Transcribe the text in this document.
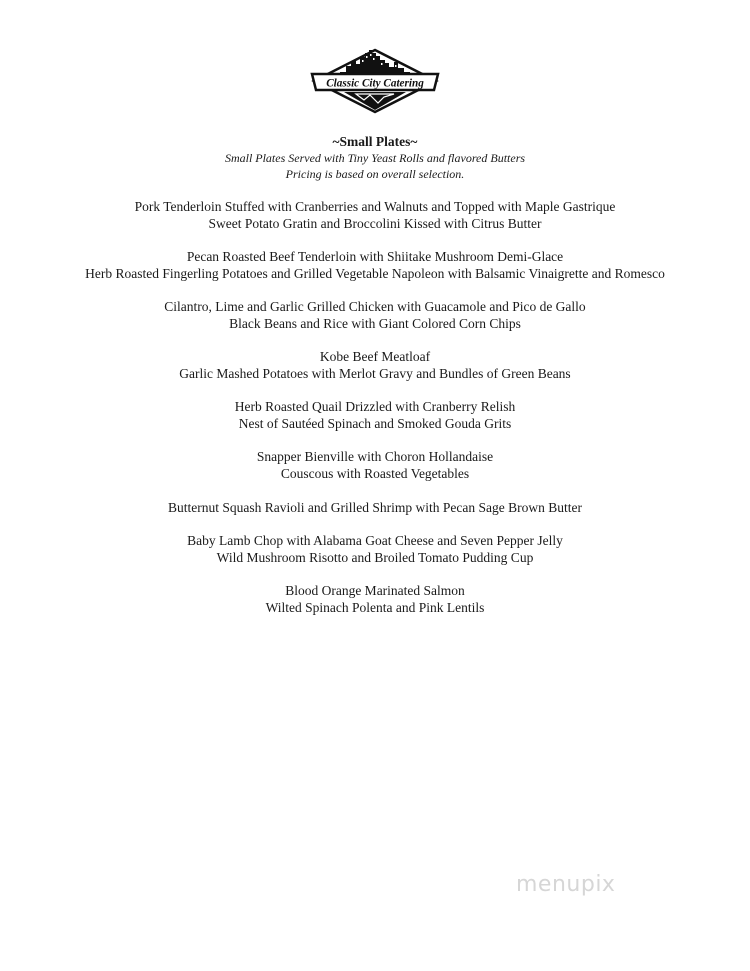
Classic City Catering
~Small Plates~
Small Plates Served with Tiny Yeast Rolls and flavored Butters
Pricing is based on overall selection.
Pork Tenderloin Stuffed with Cranberries and Walnuts and Topped with Maple Gastrique
Sweet Potato Gratin and Broccolini Kissed with Citrus Butter
Pecan Roasted Beef Tenderloin with Shiitake Mushroom Demi-Glace
Herb Roasted Fingerling Potatoes and Grilled Vegetable Napoleon with Balsamic Vinaigrette and Romesco
Cilantro, Lime and Garlic Grilled Chicken with Guacamole and Pico de Gallo
Black Beans and Rice with Giant Colored Corn Chips
Kobe Beef Meatloaf
Garlic Mashed Potatoes with Merlot Gravy and Bundles of Green Beans
Herb Roasted Quail Drizzled with Cranberry Relish
Nest of Sautéed Spinach and Smoked Gouda Grits
Snapper Bienville with Choron Hollandaise
Couscous with Roasted Vegetables
Butternut Squash Ravioli and Grilled Shrimp with Pecan Sage Brown Butter
Baby Lamb Chop with Alabama Goat Cheese and Seven Pepper Jelly
Wild Mushroom Risotto and Broiled Tomato Pudding Cup
Blood Orange Marinated Salmon
Wilted Spinach Polenta and Pink Lentils
menupix
